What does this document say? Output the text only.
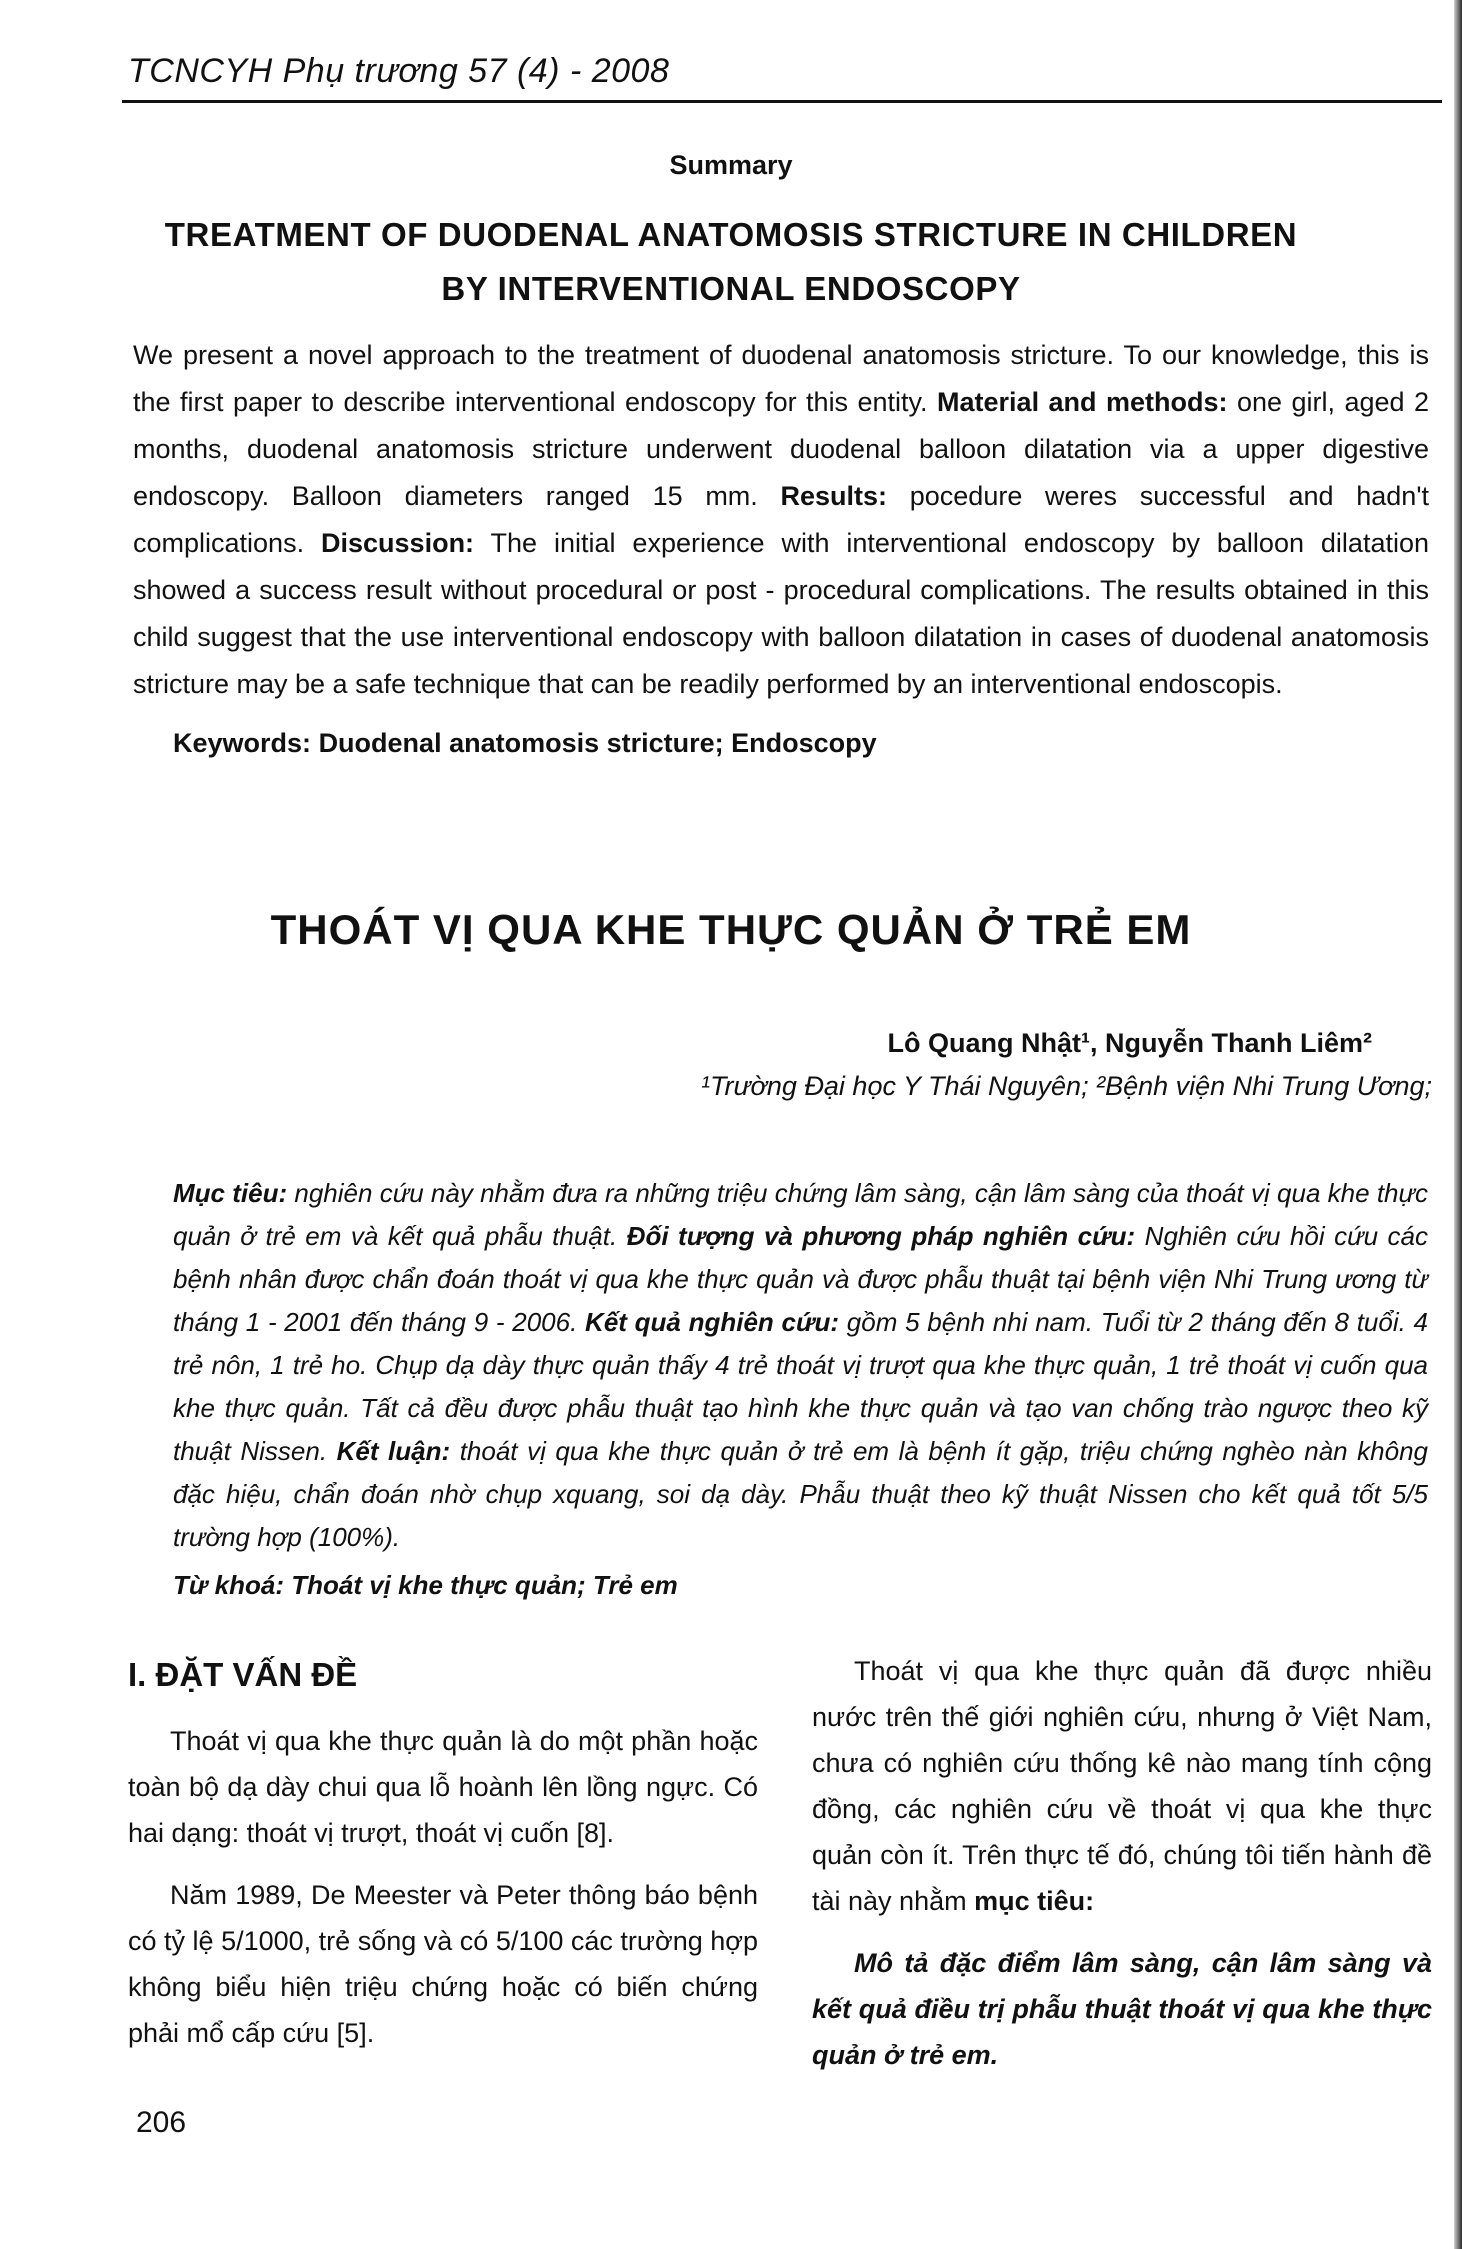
TCNCYH Phụ trương 57 (4) - 2008
Summary
TREATMENT OF DUODENAL ANATOMOSIS STRICTURE IN CHILDREN
BY INTERVENTIONAL ENDOSCOPY
We present a novel approach to the treatment of duodenal anatomosis stricture. To our knowledge, this is the first paper to describe interventional endoscopy for this entity. Material and methods: one girl, aged 2 months, duodenal anatomosis stricture underwent duodenal balloon dilatation via a upper digestive endoscopy. Balloon diameters ranged 15 mm. Results: pocedure weres successful and hadn't complications. Discussion: The initial experience with interventional endoscopy by balloon dilatation showed a success result without procedural or post - procedural complications. The results obtained in this child suggest that the use interventional endoscopy with balloon dilatation in cases of duodenal anatomosis stricture may be a safe technique that can be readily performed by an interventional endoscopis.
Keywords: Duodenal anatomosis stricture; Endoscopy
THOÁT VỊ QUA KHE THỰC QUẢN Ở TRẺ EM
Lô Quang Nhật¹, Nguyễn Thanh Liêm²
¹Trường Đại học Y Thái Nguyên; ²Bệnh viện Nhi Trung Ương;
Mục tiêu: nghiên cứu này nhằm đưa ra những triệu chứng lâm sàng, cận lâm sàng của thoát vị qua khe thực quản ở trẻ em và kết quả phẫu thuật. Đối tượng và phương pháp nghiên cứu: Nghiên cứu hồi cứu các bệnh nhân được chẩn đoán thoát vị qua khe thực quản và được phẫu thuật tại bệnh viện Nhi Trung ương từ tháng 1 - 2001 đến tháng 9 - 2006. Kết quả nghiên cứu: gồm 5 bệnh nhi nam. Tuổi từ 2 tháng đến 8 tuổi. 4 trẻ nôn, 1 trẻ ho. Chụp dạ dày thực quản thấy 4 trẻ thoát vị trượt qua khe thực quản, 1 trẻ thoát vị cuốn qua khe thực quản. Tất cả đều được phẫu thuật tạo hình khe thực quản và tạo van chống trào ngược theo kỹ thuật Nissen. Kết luận: thoát vị qua khe thực quản ở trẻ em là bệnh ít gặp, triệu chứng nghèo nàn không đặc hiệu, chẩn đoán nhờ chụp xquang, soi dạ dày. Phẫu thuật theo kỹ thuật Nissen cho kết quả tốt 5/5 trường hợp (100%).
Từ khoá: Thoát vị khe thực quản; Trẻ em
I. ĐẶT VẤN ĐỀ

Thoát vị qua khe thực quản là do một phần hoặc toàn bộ dạ dày chui qua lỗ hoành lên lồng ngực. Có hai dạng: thoát vị trượt, thoát vị cuốn [8].

Năm 1989, De Meester và Peter thông báo bệnh có tỷ lệ 5/1000, trẻ sống và có 5/100 các trường hợp không biểu hiện triệu chứng hoặc có biến chứng phải mổ cấp cứu [5].

Thoát vị qua khe thực quản đã được nhiều nước trên thế giới nghiên cứu, nhưng ở Việt Nam, chưa có nghiên cứu thống kê nào mang tính cộng đồng, các nghiên cứu về thoát vị qua khe thực quản còn ít. Trên thực tế đó, chúng tôi tiến hành đề tài này nhằm mục tiêu:

Mô tả đặc điểm lâm sàng, cận lâm sàng và kết quả điều trị phẫu thuật thoát vị qua khe thực quản ở trẻ em.
206
